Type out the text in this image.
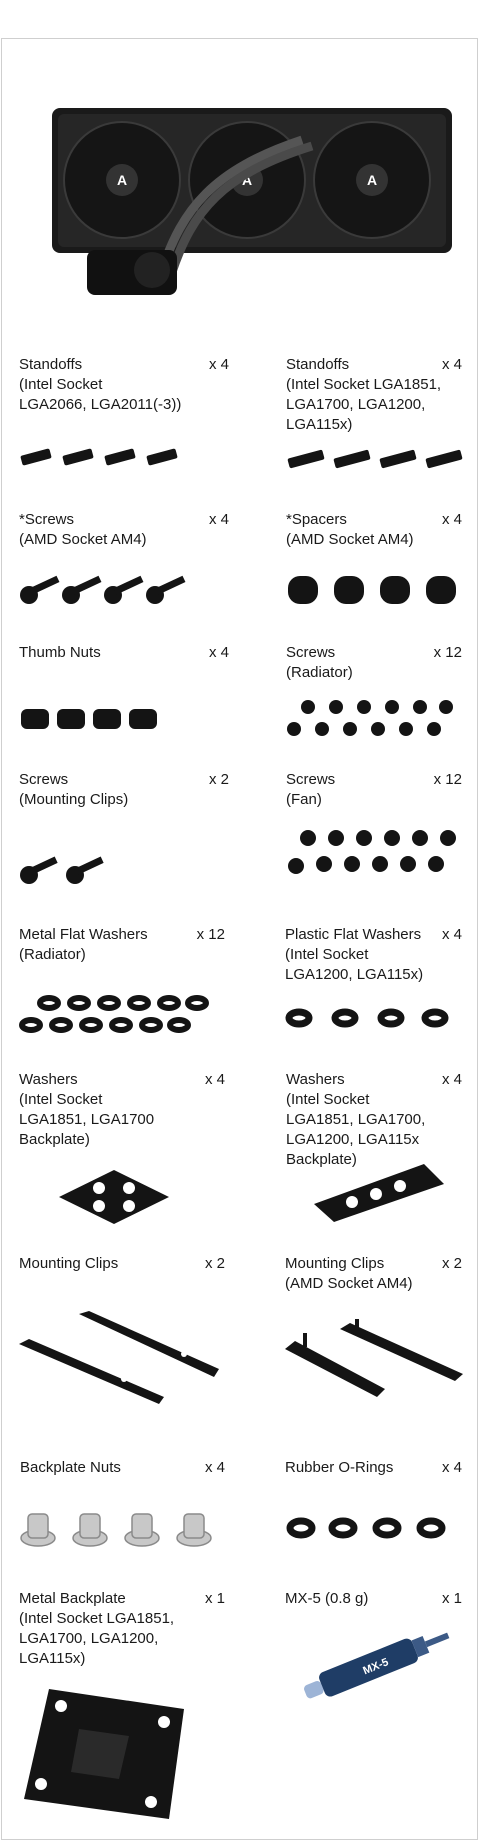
A	A	A
Standoffs
(Intel Socket
LGA2066, LGA2011(-3))
x 4	Standoffs
(Intel Socket LGA1851,
LGA1700, LGA1200,
LGA115x)
x 4
*Screws
(AMD Socket AM4)
x 4	*Spacers
(AMD Socket AM4)
x 4
Thumb Nuts	x 4	Screws
(Radiator)
x 12
Screws
(Mounting Clips)
x 2	Screws
(Fan)
x 12
Metal Flat Washers
(Radiator)
x 12	Plastic Flat Washers
(Intel Socket
LGA1200, LGA115x)
x 4
Washers
(Intel Socket
LGA1851, LGA1700
Backplate)
x 4	Washers
(Intel Socket
LGA1851, LGA1700,
LGA1200, LGA115x
Backplate)
x 4
Mounting Clips	x 2	Mounting Clips
(AMD Socket AM4)
x 2
Backplate Nuts	x 4	Rubber O-Rings	x 4
Metal Backplate
(Intel Socket LGA1851,
LGA1700, LGA1200,
LGA115x)
x 1	MX-5 (0.8 g)	x 1
MX-5
